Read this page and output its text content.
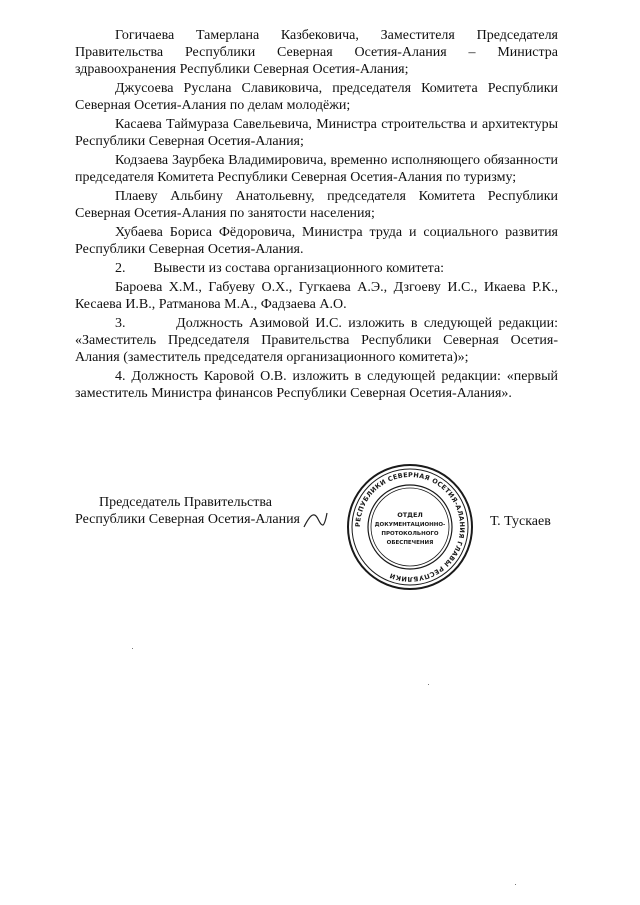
Гогичаева Тамерлана Казбековича, Заместителя Председателя Правительства Республики Северная Осетия-Алания – Министра здравоохранения Республики Северная Осетия-Алания;

Джусоева Руслана Славиковича, председателя Комитета Республики Северная Осетия-Алания по делам молодёжи;

Касаева Таймураза Савельевича, Министра строительства и архитектуры Республики Северная Осетия-Алания;

Кодзаева Заурбека Владимировича, временно исполняющего обязанности председателя Комитета Республики Северная Осетия-Алания по туризму;

Плаеву Альбину Анатольевну, председателя Комитета Республики Северная Осетия-Алания по занятости населения;

Хубаева Бориса Фёдоровича, Министра труда и социального развития Республики Северная Осетия-Алания.

2.        Вывести из состава организационного комитета:

Бароева Х.М., Габуеву О.Х., Гугкаева А.Э., Дзгоеву И.С., Икаева Р.К., Кесаева И.В., Ратманова М.А., Фадзаева А.О.

3.        Должность Азимовой И.С. изложить в следующей редакции: «Заместитель Председателя Правительства Республики Северная Осетия-Алания (заместитель председателя организационного комитета)»;

4. Должность Каровой О.В. изложить в следующей редакции: «первый заместитель Министра финансов Республики Северная Осетия-Алания».

Председатель Правительства
Республики Северная Осетия-Алания	Т. Тускаев
РЕСПУБЛИКИ СЕВЕРНАЯ ОСЕТИЯ-АЛАНИЯ ГЛАВЫ РЕСПУБЛИКИ
ОТДЕЛ
ДОКУМЕНТАЦИОННО-
ПРОТОКОЛЬНОГО
ОБЕСПЕЧЕНИЯ
